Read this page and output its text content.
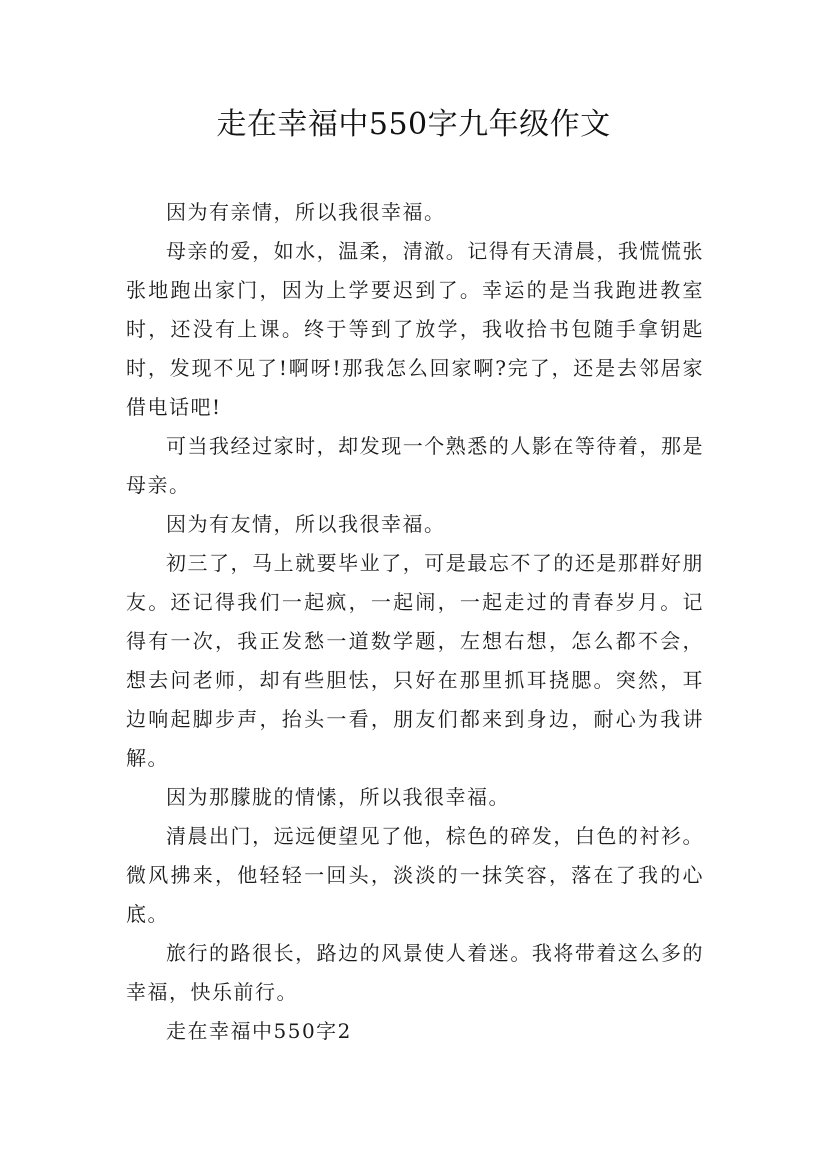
走在幸福中550字九年级作文

因为有亲情，所以我很幸福。

母亲的爱，如水，温柔，清澈。记得有天清晨，我慌慌张张地跑出家门，因为上学要迟到了。幸运的是当我跑进教室时，还没有上课。终于等到了放学，我收拾书包随手拿钥匙时，发现不见了!啊呀!那我怎么回家啊?完了，还是去邻居家借电话吧!

可当我经过家时，却发现一个熟悉的人影在等待着，那是母亲。

因为有友情，所以我很幸福。

初三了，马上就要毕业了，可是最忘不了的还是那群好朋友。还记得我们一起疯，一起闹，一起走过的青春岁月。记得有一次，我正发愁一道数学题，左想右想，怎么都不会，想去问老师，却有些胆怯，只好在那里抓耳挠腮。突然，耳边响起脚步声，抬头一看，朋友们都来到身边，耐心为我讲解。

因为那朦胧的情愫，所以我很幸福。

清晨出门，远远便望见了他，棕色的碎发，白色的衬衫。微风拂来，他轻轻一回头，淡淡的一抹笑容，落在了我的心底。

旅行的路很长，路边的风景使人着迷。我将带着这么多的幸福，快乐前行。

走在幸福中550字2
